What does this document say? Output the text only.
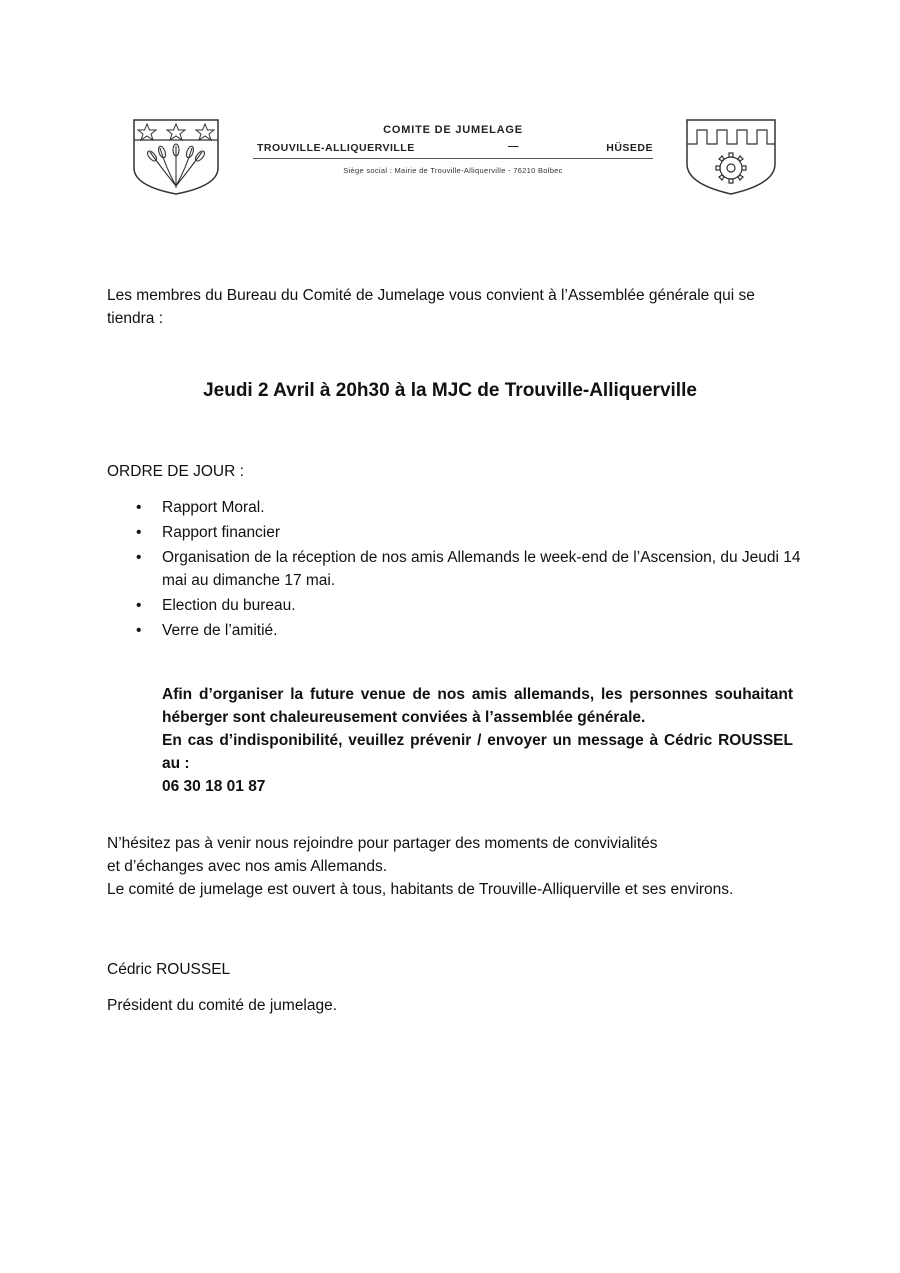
COMITE DE JUMELAGE
TROUVILLE-ALLIQUERVILLE	—	HÜSEDE
Siège social : Mairie de Trouville-Alliquerville - 76210 Bolbec
Les membres du Bureau du Comité de Jumelage vous convient à l’Assemblée générale qui se tiendra :
Jeudi 2 Avril à 20h30 à la MJC de Trouville-Alliquerville
ORDRE DE JOUR :
• Rapport Moral.
• Rapport financier
• Organisation de la réception de nos amis Allemands le week-end de l’Ascension, du Jeudi 14 mai au dimanche 17 mai.
• Election du bureau.
• Verre de l’amitié.

Afin d’organiser la future venue de nos amis allemands, les personnes souhaitant héberger sont chaleureusement conviées à l’assemblée générale.

En cas d’indisponibilité, veuillez prévenir / envoyer un message à Cédric ROUSSEL au :

06 30 18 01 87

N’hésitez pas à venir nous rejoindre pour partager des moments de convivialités

et d’échanges avec nos amis Allemands.

Le comité de jumelage est ouvert à tous, habitants de Trouville-Alliquerville et ses environs.

Cédric ROUSSEL
Président du comité de jumelage.
